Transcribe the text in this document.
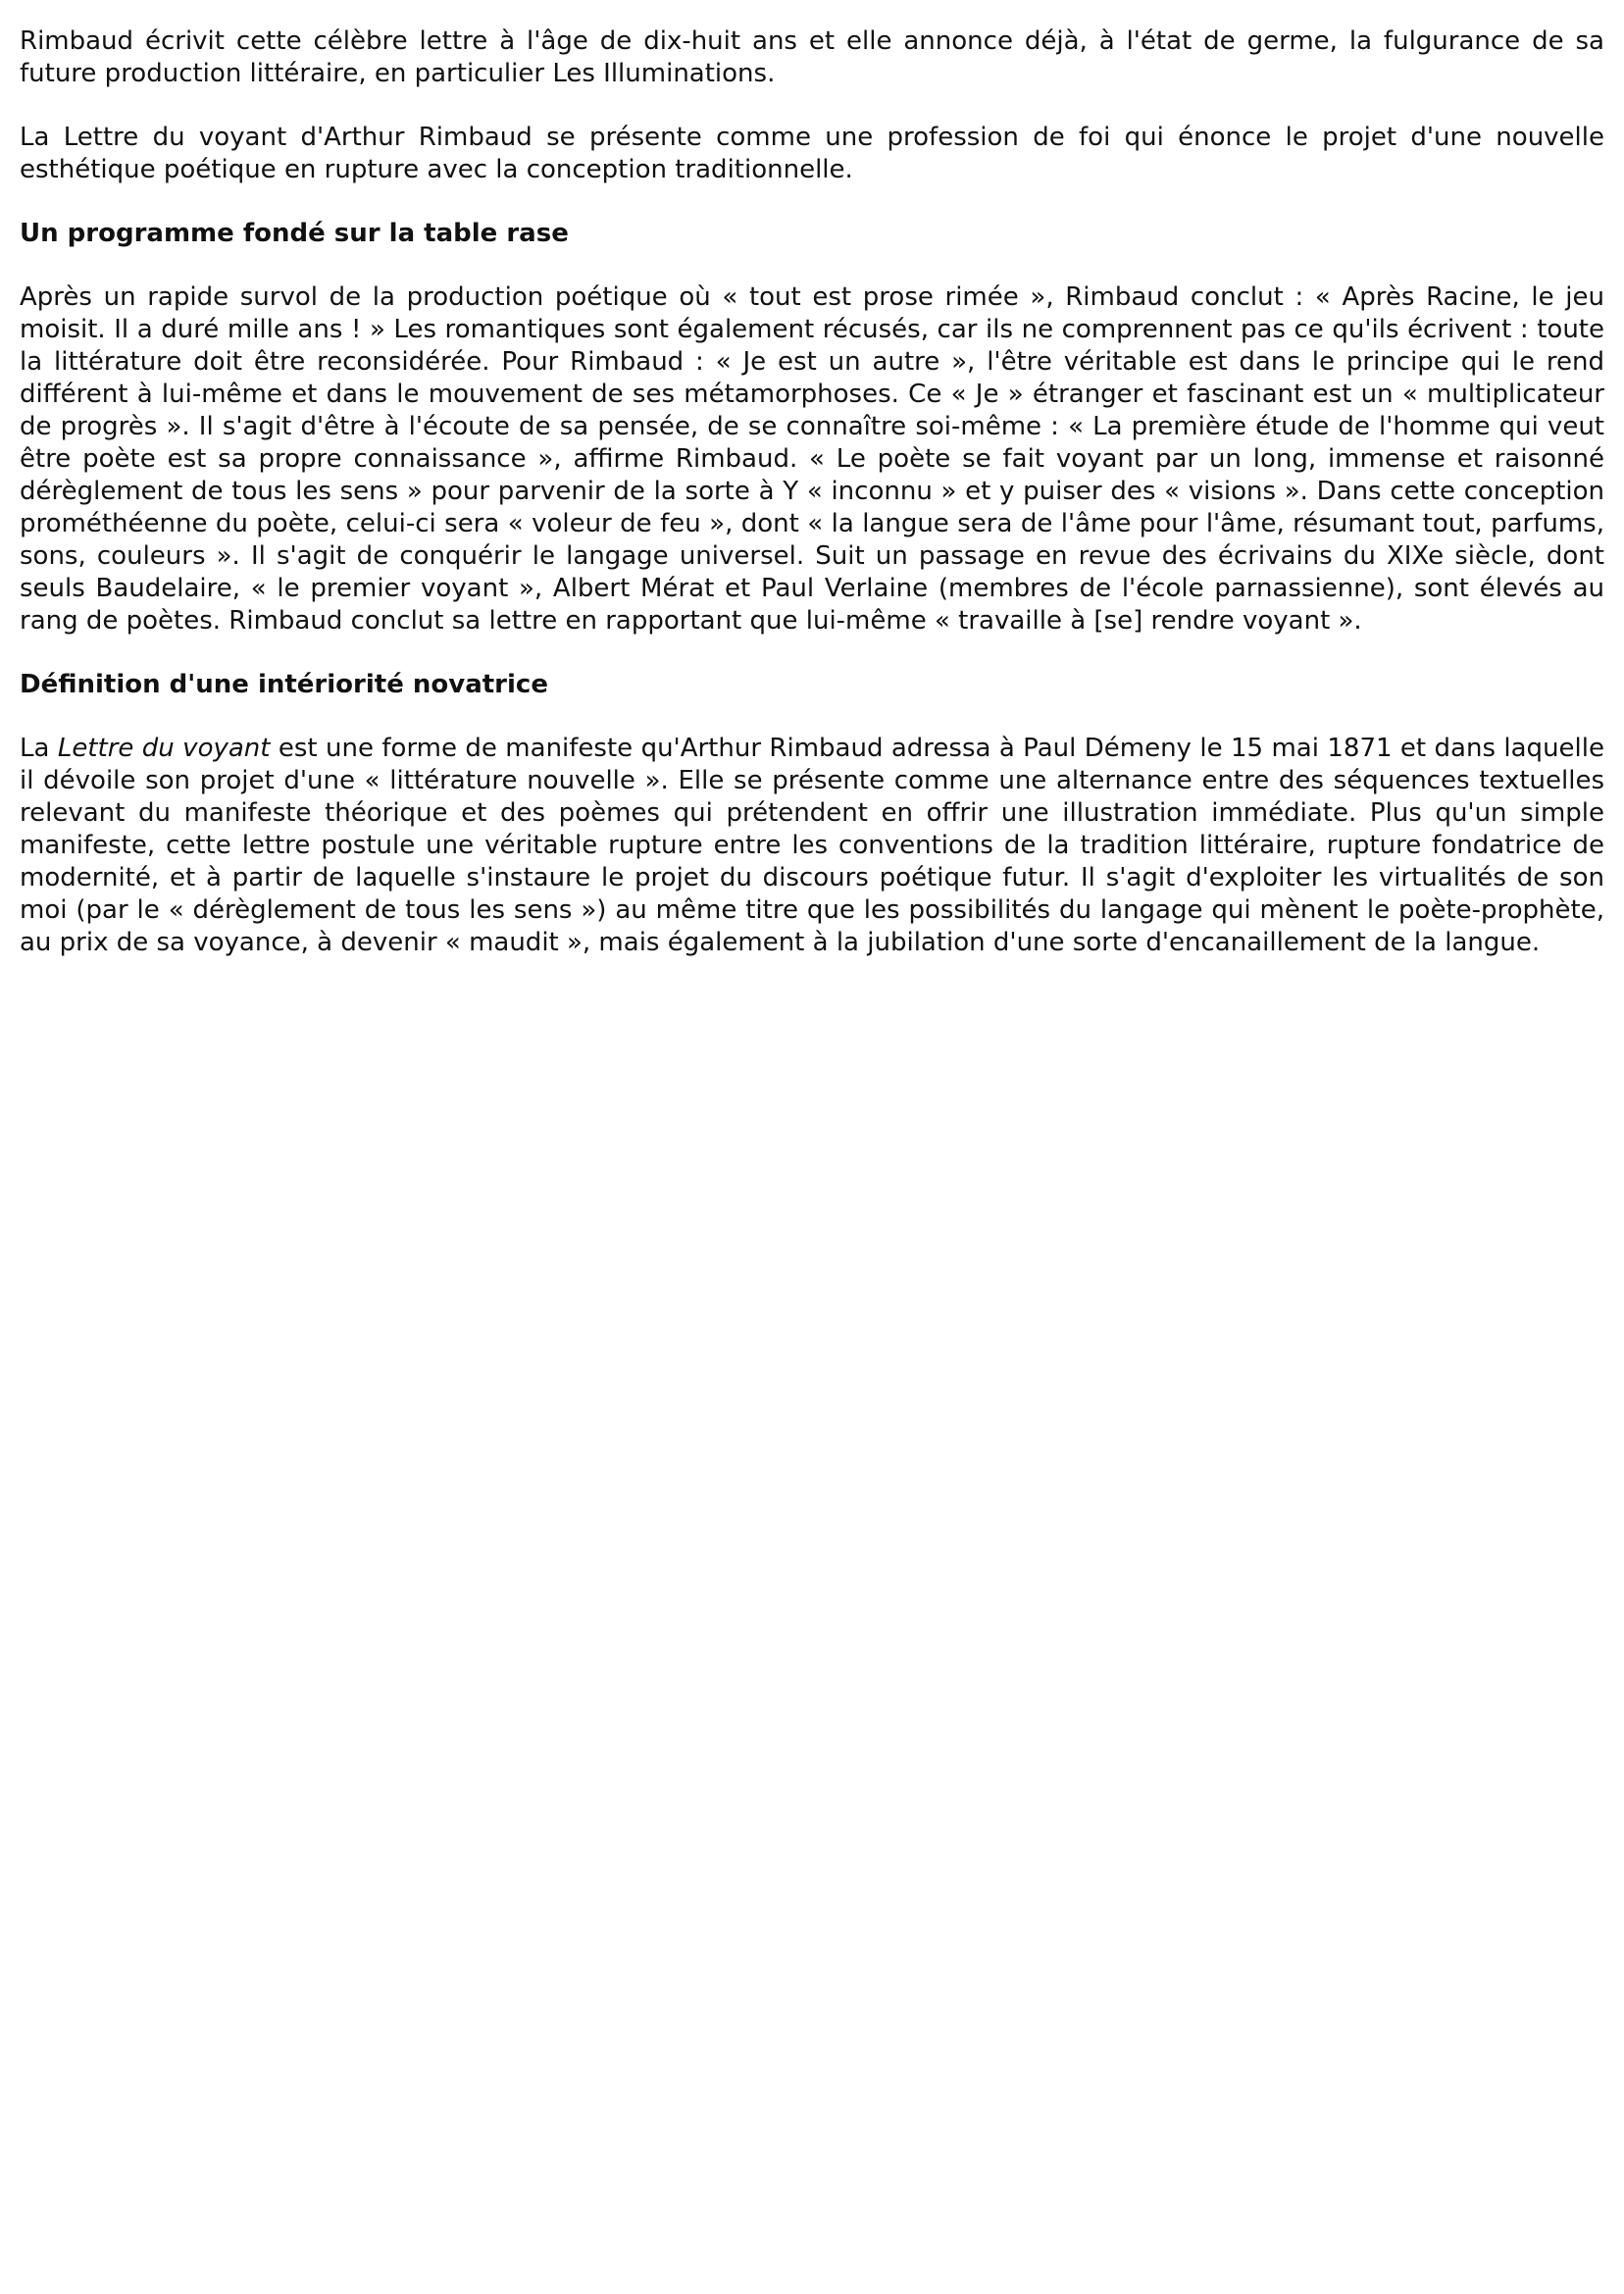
Rimbaud écrivit cette célèbre lettre à l'âge de dix-huit ans et elle annonce déjà, à l'état de germe, la fulgurance de sa future production littéraire, en particulier Les Illuminations.

La Lettre du voyant d'Arthur Rimbaud se présente comme une profession de foi qui énonce le projet d'une nouvelle esthétique poétique en rupture avec la conception traditionnelle.

Un programme fondé sur la table rase

Après un rapide survol de la production poétique où « tout est prose rimée », Rimbaud conclut : « Après Racine, le jeu moisit. Il a duré mille ans ! » Les romantiques sont également récusés, car ils ne comprennent pas ce qu'ils écrivent : toute la littérature doit être reconsidérée. Pour Rimbaud : « Je est un autre », l'être véritable est dans le principe qui le rend différent à lui-même et dans le mouvement de ses métamorphoses. Ce « Je » étranger et fascinant est un « multiplicateur de progrès ». Il s'agit d'être à l'écoute de sa pensée, de se connaître soi-même : « La première étude de l'homme qui veut être poète est sa propre connaissance », affirme Rimbaud. « Le poète se fait voyant par un long, immense et raisonné dérèglement de tous les sens » pour parvenir de la sorte à Y « inconnu » et y puiser des « visions ». Dans cette conception prométhéenne du poète, celui-ci sera « voleur de feu », dont « la langue sera de l'âme pour l'âme, résumant tout, parfums, sons, couleurs ». Il s'agit de conquérir le langage universel. Suit un passage en revue des écrivains du XIXe siècle, dont seuls Baudelaire, « le premier voyant », Albert Mérat et Paul Verlaine (membres de l'école parnassienne), sont élevés au rang de poètes. Rimbaud conclut sa lettre en rapportant que lui-même « travaille à [se] rendre voyant ».

Définition d'une intériorité novatrice

La Lettre du voyant est une forme de manifeste qu'Arthur Rimbaud adressa à Paul Démeny le 15 mai 1871 et dans laquelle il dévoile son projet d'une « littérature nouvelle ». Elle se présente comme une alternance entre des séquences textuelles relevant du manifeste théorique et des poèmes qui prétendent en offrir une illustration immédiate. Plus qu'un simple manifeste, cette lettre postule une véritable rupture entre les conventions de la tradition littéraire, rupture fondatrice de modernité, et à partir de laquelle s'instaure le projet du discours poétique futur. Il s'agit d'exploiter les virtualités de son moi (par le « dérèglement de tous les sens ») au même titre que les possibilités du langage qui mènent le poète-prophète, au prix de sa voyance, à devenir « maudit », mais également à la jubilation d'une sorte d'encanaillement de la langue.
